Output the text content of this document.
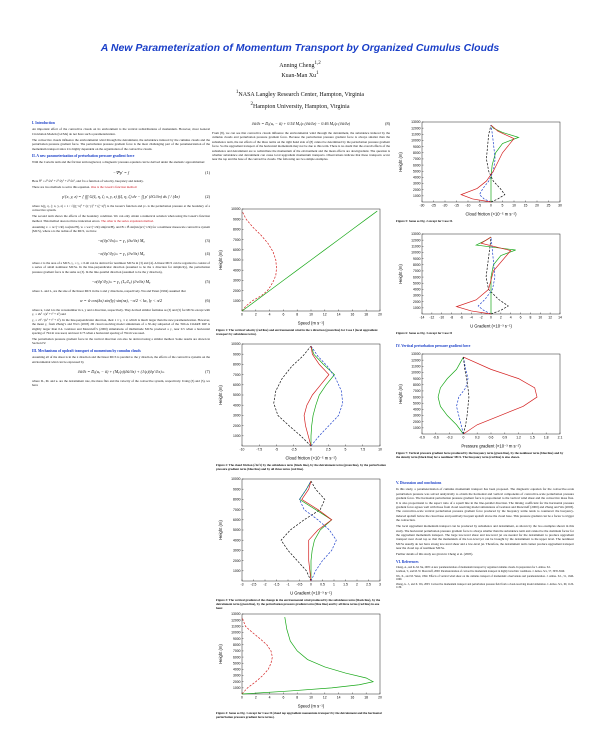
A New Parameterization of Momentum Transport by Organized Cumulus Clouds
Anning Cheng$^{1,2}$
Kuan-Man Xu$^1$
$^1$NASA Langley Research Center, Hampton, Virginia
$^2$Hampton University, Hampton, Virginia
I. Introduction

An important effect of the convective clouds on its environment is the vertical redistributions of momentum. However, most General Circulation Models (GCMs) do not have such a parameterization.

The convective clouds influence the environmental wind through the detrainment, the subsidence induced by the cumulus clouds and the perturbation pressure gradient force. The perturbation pressure gradient force is the most challenging part of the parameterization of the momentum transport since it is highly dependent on the organization of the convective clouds.

II. A new parameterization of perturbation pressure gradient force

With the Coriolis term and the friction term neglected, a diagnostic pressure equation can be derived under the anelastic approximation:

−∇²p′ = f	(1)

Here ∇² = ∂²/∂x² + ∂²/∂y² + ∂²/∂z², and f is a function of velocity, buoyancy and density.

There are two methods to solve this equation. One is the Green’s function method:

p′(x, y, z) = [ ∫∫∫ G(ξ, η, ζ; x, y, z) f(ξ, η, ζ) dv − ∫∫ p′ (∂G/∂n) ds ] / (4π)	(2)

where G(ξ, η, ζ; x, y, z) = 1 / √((ξ−x)² + (η−y)² + (ζ−z)²) is the Green’s function and p′ₛ is the perturbation pressure at the boundary of a convective system.

The second term shows the effects of the boundary condition. We can only obtain a numerical solution when using the Green’s function method. This method does not have truncation errors. The other is the series expansion method.

Assuming vₑ = re^(−r/R) cos(nπz/H), w = we^(−r/R) sin(nπz/H), and B = B̂ sin(nπz)e^(−r/R) for a nonlinear mesoscale convective system (MCS), where a is the radius of the MCS, we have

−σ(∂p′/∂x)ₘ = γ₁ (∂u/∂z) Mₐ	(3)
−σ(∂p′/∂y)ₘ = γ₁ (∂v/∂z) Mₐ	(4)

where σ is the area of a MCS, γ₁ = γ₁ = 0.46 can be derived for nonlinear MCSs in (3) and (4). A linear MCS can be regarded to consist of a series of small nonlinear MCSs. In the line-perpendicular direction (assumed to be the x direction for simplicity), the perturbation pressure gradient force is the same as (3). In the line-parallel direction (assumed to be the y direction),

−σ(∂p′/∂y)ₘ = γ₁ (Lₓ/Lᵧ) (∂v/∂z) Mₐ	(5)

where Lₓ and Lᵧ are the size of the linear MCS in the x and y directions, respectively. Wu and Yanai (1994) assumed that

w = ŵ cos(kx) sin(ly) sin(nz), −π/2 < kx, ly < π/2	(6)

where k, l and n is the wavenumber in x, y and z direction, respectively. They derived similar formulae as (3) and (5) for MCSs except with γ₁ = 2k² / (k² + l² + n²) and

γ₂ = 2l² / (k² + l² + n²). In the line-perpendicular direction, their 1 ≤ γ₁ ≤ 2, which is much larger than the new parameterization. However, the mean γ₁ from Zhang’s and Wu’s (2003) 2D cloud resolving model simulations of a 30-day subperiod of the TOGA COARE IOP is slightly larger than 0.4. Grabiosi and Moncrieff’s (2000) simulations of midlatitude MCSs produced a γ₁ near 0.5 when a horizontal spacing of 794 m was used, and near 0.75 when a horizontal spacing of 794 m was used.

The perturbation pressure gradient force in the vertical direction can also be derived using a similar method. Some results are shown in Section IV.

III. Mechanisms of updraft transport of momentum by cumulus clouds

Assuming all of the shear is in the x direction and the linear MCS is parallel to the y direction, the effects of the convective systems on the environmental wind can be expressed by

∂ū/∂t = Dₑ(uₑ − ū) + (Mₑ/ρ)(∂ū/∂z) + (1/ρ)(∂p′/∂x)ₘ	(7)

where Dₑ, Mₑ and uₑ are the detrainment rate, the mass flux and the velocity of the convective system, respectively. Using (3) and (5), we have

∂ū/∂t = Dₑ(uₑ − ū) + 0.54 Mₑ/ρ (∂ū/∂z) − 0.46 Mₑ/ρ (∂ū/∂z)	(8)

From (8), we can see that convective clouds influence the environmental wind through the detrainment, the subsidence induced by the cumulus clouds and perturbation pressure gradient force. Because the perturbation pressure gradient force is always smaller than the subsidence term, the net effects of the three terms on the right hand side of (8) cannot be determined by the perturbation pressure gradient force. So the upgradient transport of the horizontal momentum may not be due to this term. There is no doubt that the overall effects of the subsidence and detrainment are to redistribute the momentum of the environment and the mean effects are downgradient. The question is whether subsidence and detrainment can cause local upgradient momentum transports. Observations indicate that these transports occur near the top and the base of the convective clouds. The following are two simple examples.

0	2	4	6	8	10	12	14	16	18	20
1000
2000
3000
4000
5000
6000
7000
8000
9000
10000
Speed (m s⁻¹)
Height (m)
Figure 1: The vertical velocity (red line) and environmental wind in the x direction (green line) for Case I (local upgradient transport by subsidence term).
-10	-7.5	-5	-2.5	0	2.5	5	7.5	10
1000
2000
3000
4000
5000
6000
7000
8000
9000
10000
Cloud friction (×10⁻⁵ m s⁻²)
Height (m)
Figure 2: The cloud friction (∂ū/∂t) by the subsidence term (black line), by the detrainment term (green line), by the perturbation pressure gradient term (blue line) and by all three terms (red line).
-3 -2.5 -2 -1.5 -1 -0.5 0 0.5 1 1.5 2 2.5 3
1000
2000
3000
4000
5000
6000
7000
8000
9000
10000
U Gradient (×10⁻³ s⁻¹)
Height (m)
Figure 3: The vertical gradient of the change in the environmental wind produced by the subsidence term (black line), by the detrainment term (green line), by the perturbation pressure gradient term (blue line) and by all three terms (red line) in one hour.
0	2	4	6	8	10	12	14	16	18	20
1000
2000
3000
4000
5000
6000
7000
8000
9000
10000
11000
12000
13000
Speed (m s⁻¹)
Height (m)
Figure 4: Same as Fig. 1 except for Case II (cloud top upgradient momentum transport by the detrainment and the horizontal perturbation pressure gradient force terms).
-30 -25 -20 -15 -10 -5	0	5	10 15 20 25 30
1000
2000
3000
4000
5000
6000
7000
8000
9000
10000
11000
12000
13000
Cloud friction (×10⁻⁵ m s⁻²)
Height (m)
Figure 5: Same as Fig. 2 except for Case II.
-14 -12 -10 -8 -6 -4 -2 0 2 4 6 8 10 12 14
1000
2000
3000
4000
5000
6000
7000
8000
9000
10000
11000
12000
13000
U Gradient (×10⁻³ s⁻¹)
Height (m)
Figure 6: Same as Fig. 3 except for Case II
IV. Vertical perturbation pressure gradient force
-0.9 -0.6 -0.3	0	0.3	0.6	0.9	1.2	1.5	1.8	2.1
1000
2000
3000
4000
5000
6000
7000
8000
9000
10000
11000
12000
13000
Pressure gradient (×10⁻³ m s⁻²)
Height (m)
Figure 7: Vertical pressure gradient force produced by the buoyancy term (green line), by the nonlinear term (blue line) and by the density term (black line) for a nonlinear MCS. The buoyancy term (red line) is also shown.
V. Discussion and conclusions

In this study, a parameterization of cumulus momentum transport has been proposed. The diagnostic equation for the convective-scale perturbation pressure was solved analytically to obtain the horizontal and vertical components of convective-scale perturbation pressure gradient force. The horizontal perturbation pressure gradient force is proportional to the vertical wind shear and the convective mass flux. It is also proportional to the aspect ratio of a squall line in the line-parallel direction. The mixing coefficient for the horizontal pressure gradient force agrees well with those from cloud resolving model simulations of Grabiosi and Moncrieff (2000) and Zhang and Wu (2003). The convective-scale vertical perturbation pressure gradient force produced by the buoyancy terms tends to counteract the buoyancy-induced updraft below the cloud base and positively buoyant updraft above the cloud base. This pressure gradient can be a factor to trigger the convection.

The local upgradient momentum transport can be produced by subsidence and detrainment, as shown by the two examples shown in this study. The horizontal perturbation pressure gradient force is always smaller than the subsidence term and cannot be the dominant factor for the upgradient momentum transport. The large low-level shear and low-level jet are needed for the detrainment to produce upgradient transport near cloud top so that the momentum of the low-level jet can be brought by the detrainment to the upper level. The nonlinear MCSs usually do not have strong low-level shear and a low-level jet. Therefore, the detrainment term cannot produce upgradient transport near the cloud top of nonlinear MCSs.

Further details of this study are given in Cheng et al. (2005).

VI. References
Cheng, A., and K.-M. Xu, 2005: A new parameterization of momentum transport by organized cumulus clouds. In preparation for J. Atmos. Sci.
Grabiosi, T., and M. W. Moncrieff, 2000: Parameterization of convective momentum transport in highly baroclinic conditions. J. Atmos. Sci., 57, 3035-3049.
Wu, X., and M. Yanai, 1994: Effects of vertical wind shear on the cumulus transport of momentum: observations and parameterization. J. Atmos. Sci., 51, 1640-1660.
Zhang, G. J., and X. Wu, 2003: Convective momentum transport and perturbation pressure field from a cloud-resolving model simulation. J. Atmos. Sci., 60, 1120-1139.
